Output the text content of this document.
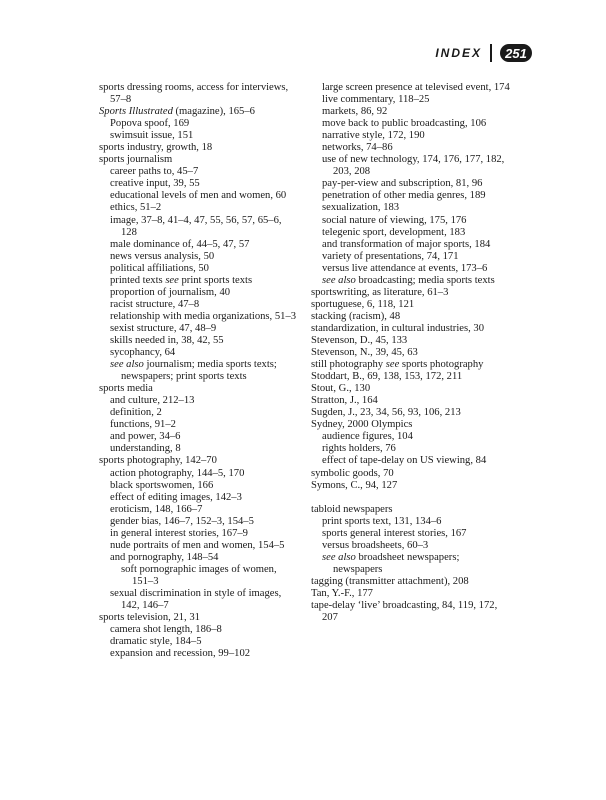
INDEX	251
sports dressing rooms, access for interviews, 57–8
Sports Illustrated (magazine), 165–6
Popova spoof, 169
swimsuit issue, 151
sports industry, growth, 18
sports journalism
career paths to, 45–7
creative input, 39, 55
educational levels of men and women, 60
ethics, 51–2
image, 37–8, 41–4, 47, 55, 56, 57, 65–6, 128
male dominance of, 44–5, 47, 57
news versus analysis, 50
political affiliations, 50
printed texts see print sports texts
proportion of journalism, 40
racist structure, 47–8
relationship with media organizations, 51–3
sexist structure, 47, 48–9
skills needed in, 38, 42, 55
sycophancy, 64
see also journalism; media sports texts; newspapers; print sports texts
sports media
and culture, 212–13
definition, 2
functions, 91–2
and power, 34–6
understanding, 8
sports photography, 142–70
action photography, 144–5, 170
black sportswomen, 166
effect of editing images, 142–3
eroticism, 148, 166–7
gender bias, 146–7, 152–3, 154–5
in general interest stories, 167–9
nude portraits of men and women, 154–5
and pornography, 148–54
soft pornographic images of women, 151–3
sexual discrimination in style of images, 142, 146–7
sports television, 21, 31
camera shot length, 186–8
dramatic style, 184–5
expansion and recession, 99–102
large screen presence at televised event, 174
live commentary, 118–25
markets, 86, 92
move back to public broadcasting, 106
narrative style, 172, 190
networks, 74–86
use of new technology, 174, 176, 177, 182, 203, 208
pay-per-view and subscription, 81, 96
penetration of other media genres, 189
sexualization, 183
social nature of viewing, 175, 176
telegenic sport, development, 183
and transformation of major sports, 184
variety of presentations, 74, 171
versus live attendance at events, 173–6
see also broadcasting; media sports texts
sportswriting, as literature, 61–3
sportuguese, 6, 118, 121
stacking (racism), 48
standardization, in cultural industries, 30
Stevenson, D., 45, 133
Stevenson, N., 39, 45, 63
still photography see sports photography
Stoddart, B., 69, 138, 153, 172, 211
Stout, G., 130
Stratton, J., 164
Sugden, J., 23, 34, 56, 93, 106, 213
Sydney, 2000 Olympics
audience figures, 104
rights holders, 76
effect of tape-delay on US viewing, 84
symbolic goods, 70
Symons, C., 94, 127
tabloid newspapers
print sports text, 131, 134–6
sports general interest stories, 167
versus broadsheets, 60–3
see also broadsheet newspapers; newspapers
tagging (transmitter attachment), 208
Tan, Y.-F., 177
tape-delay ‘live’ broadcasting, 84, 119, 172, 207
